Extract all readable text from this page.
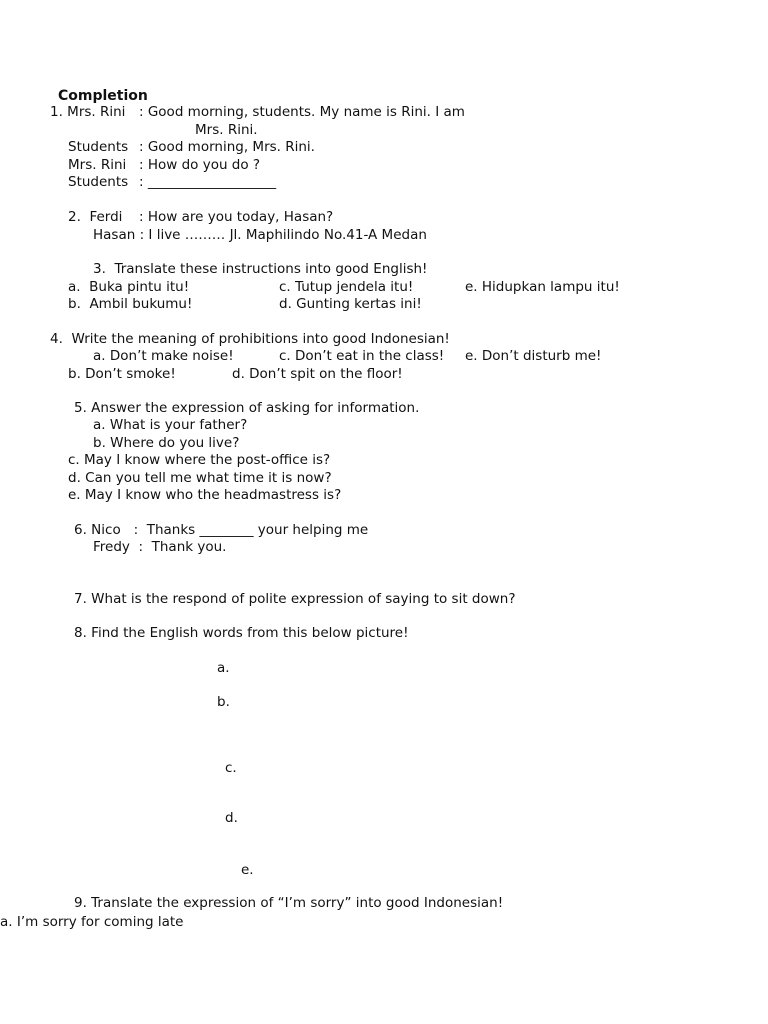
Completion
1. Mrs. Rini : Good morning, students. My name is Rini. I am
Mrs. Rini.
Students : Good morning, Mrs. Rini.
Mrs. Rini : How do you do ?
Students : ___________________
2.  Ferdi : How are you today, Hasan?
Hasan : I live ……… Jl. Maphilindo No.41-A Medan
3.  Translate these instructions into good English!
a.  Buka pintu itu!	c. Tutup jendela itu!	e. Hidupkan lampu itu!
b.  Ambil bukumu!	d. Gunting kertas ini!
4.  Write the meaning of prohibitions into good Indonesian!
a. Don’t make noise!	c. Don’t eat in the class! e. Don’t disturb me!
b. Don’t smoke!	d. Don’t spit on the floor!
5. Answer the expression of asking for information.
a. What is your father?
b. Where do you live?
c. May I know where the post-office is?
d. Can you tell me what time it is now?
e. May I know who the headmastress is?
6. Nico   :  Thanks ________ your helping me
Fredy  :  Thank you.
7. What is the respond of polite expression of saying to sit down?
8. Find the English words from this below picture!
a.
b.
c.
d.
e.
9. Translate the expression of “I’m sorry” into good Indonesian!
a. I’m sorry for coming late
